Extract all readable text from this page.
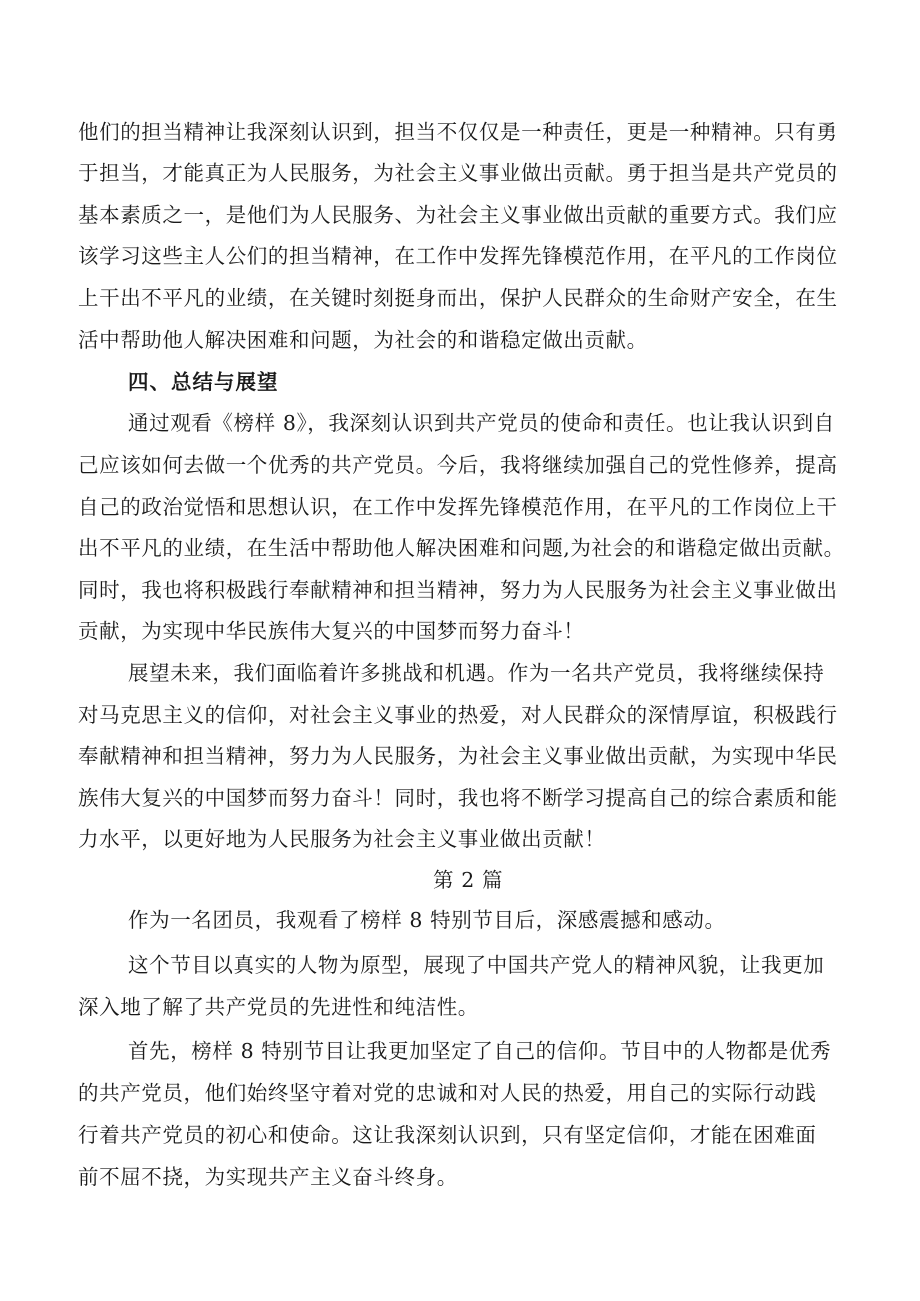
他们的担当精神让我深刻认识到，担当不仅仅是一种责任，更是一种精神。只有勇
于担当，才能真正为人民服务，为社会主义事业做出贡献。勇于担当是共产党员的
基本素质之一，是他们为人民服务、为社会主义事业做出贡献的重要方式。我们应
该学习这些主人公们的担当精神，在工作中发挥先锋模范作用，在平凡的工作岗位
上干出不平凡的业绩，在关键时刻挺身而出，保护人民群众的生命财产安全，在生
活中帮助他人解决困难和问题，为社会的和谐稳定做出贡献。
四、总结与展望
通过观看《榜样 8》，我深刻认识到共产党员的使命和责任。也让我认识到自
己应该如何去做一个优秀的共产党员。今后，我将继续加强自己的党性修养，提高
自己的政治觉悟和思想认识，在工作中发挥先锋模范作用，在平凡的工作岗位上干
出不平凡的业绩，在生活中帮助他人解决困难和问题,为社会的和谐稳定做出贡献。
同时，我也将积极践行奉献精神和担当精神，努力为人民服务为社会主义事业做出
贡献，为实现中华民族伟大复兴的中国梦而努力奋斗！
展望未来，我们面临着许多挑战和机遇。作为一名共产党员，我将继续保持
对马克思主义的信仰，对社会主义事业的热爱，对人民群众的深情厚谊，积极践行
奉献精神和担当精神，努力为人民服务，为社会主义事业做出贡献，为实现中华民
族伟大复兴的中国梦而努力奋斗！同时，我也将不断学习提高自己的综合素质和能
力水平，以更好地为人民服务为社会主义事业做出贡献！
第 2 篇
作为一名团员，我观看了榜样 8 特别节目后，深感震撼和感动。
这个节目以真实的人物为原型，展现了中国共产党人的精神风貌，让我更加
深入地了解了共产党员的先进性和纯洁性。
首先，榜样 8 特别节目让我更加坚定了自己的信仰。节目中的人物都是优秀
的共产党员，他们始终坚守着对党的忠诚和对人民的热爱，用自己的实际行动践
行着共产党员的初心和使命。这让我深刻认识到，只有坚定信仰，才能在困难面
前不屈不挠，为实现共产主义奋斗终身。
